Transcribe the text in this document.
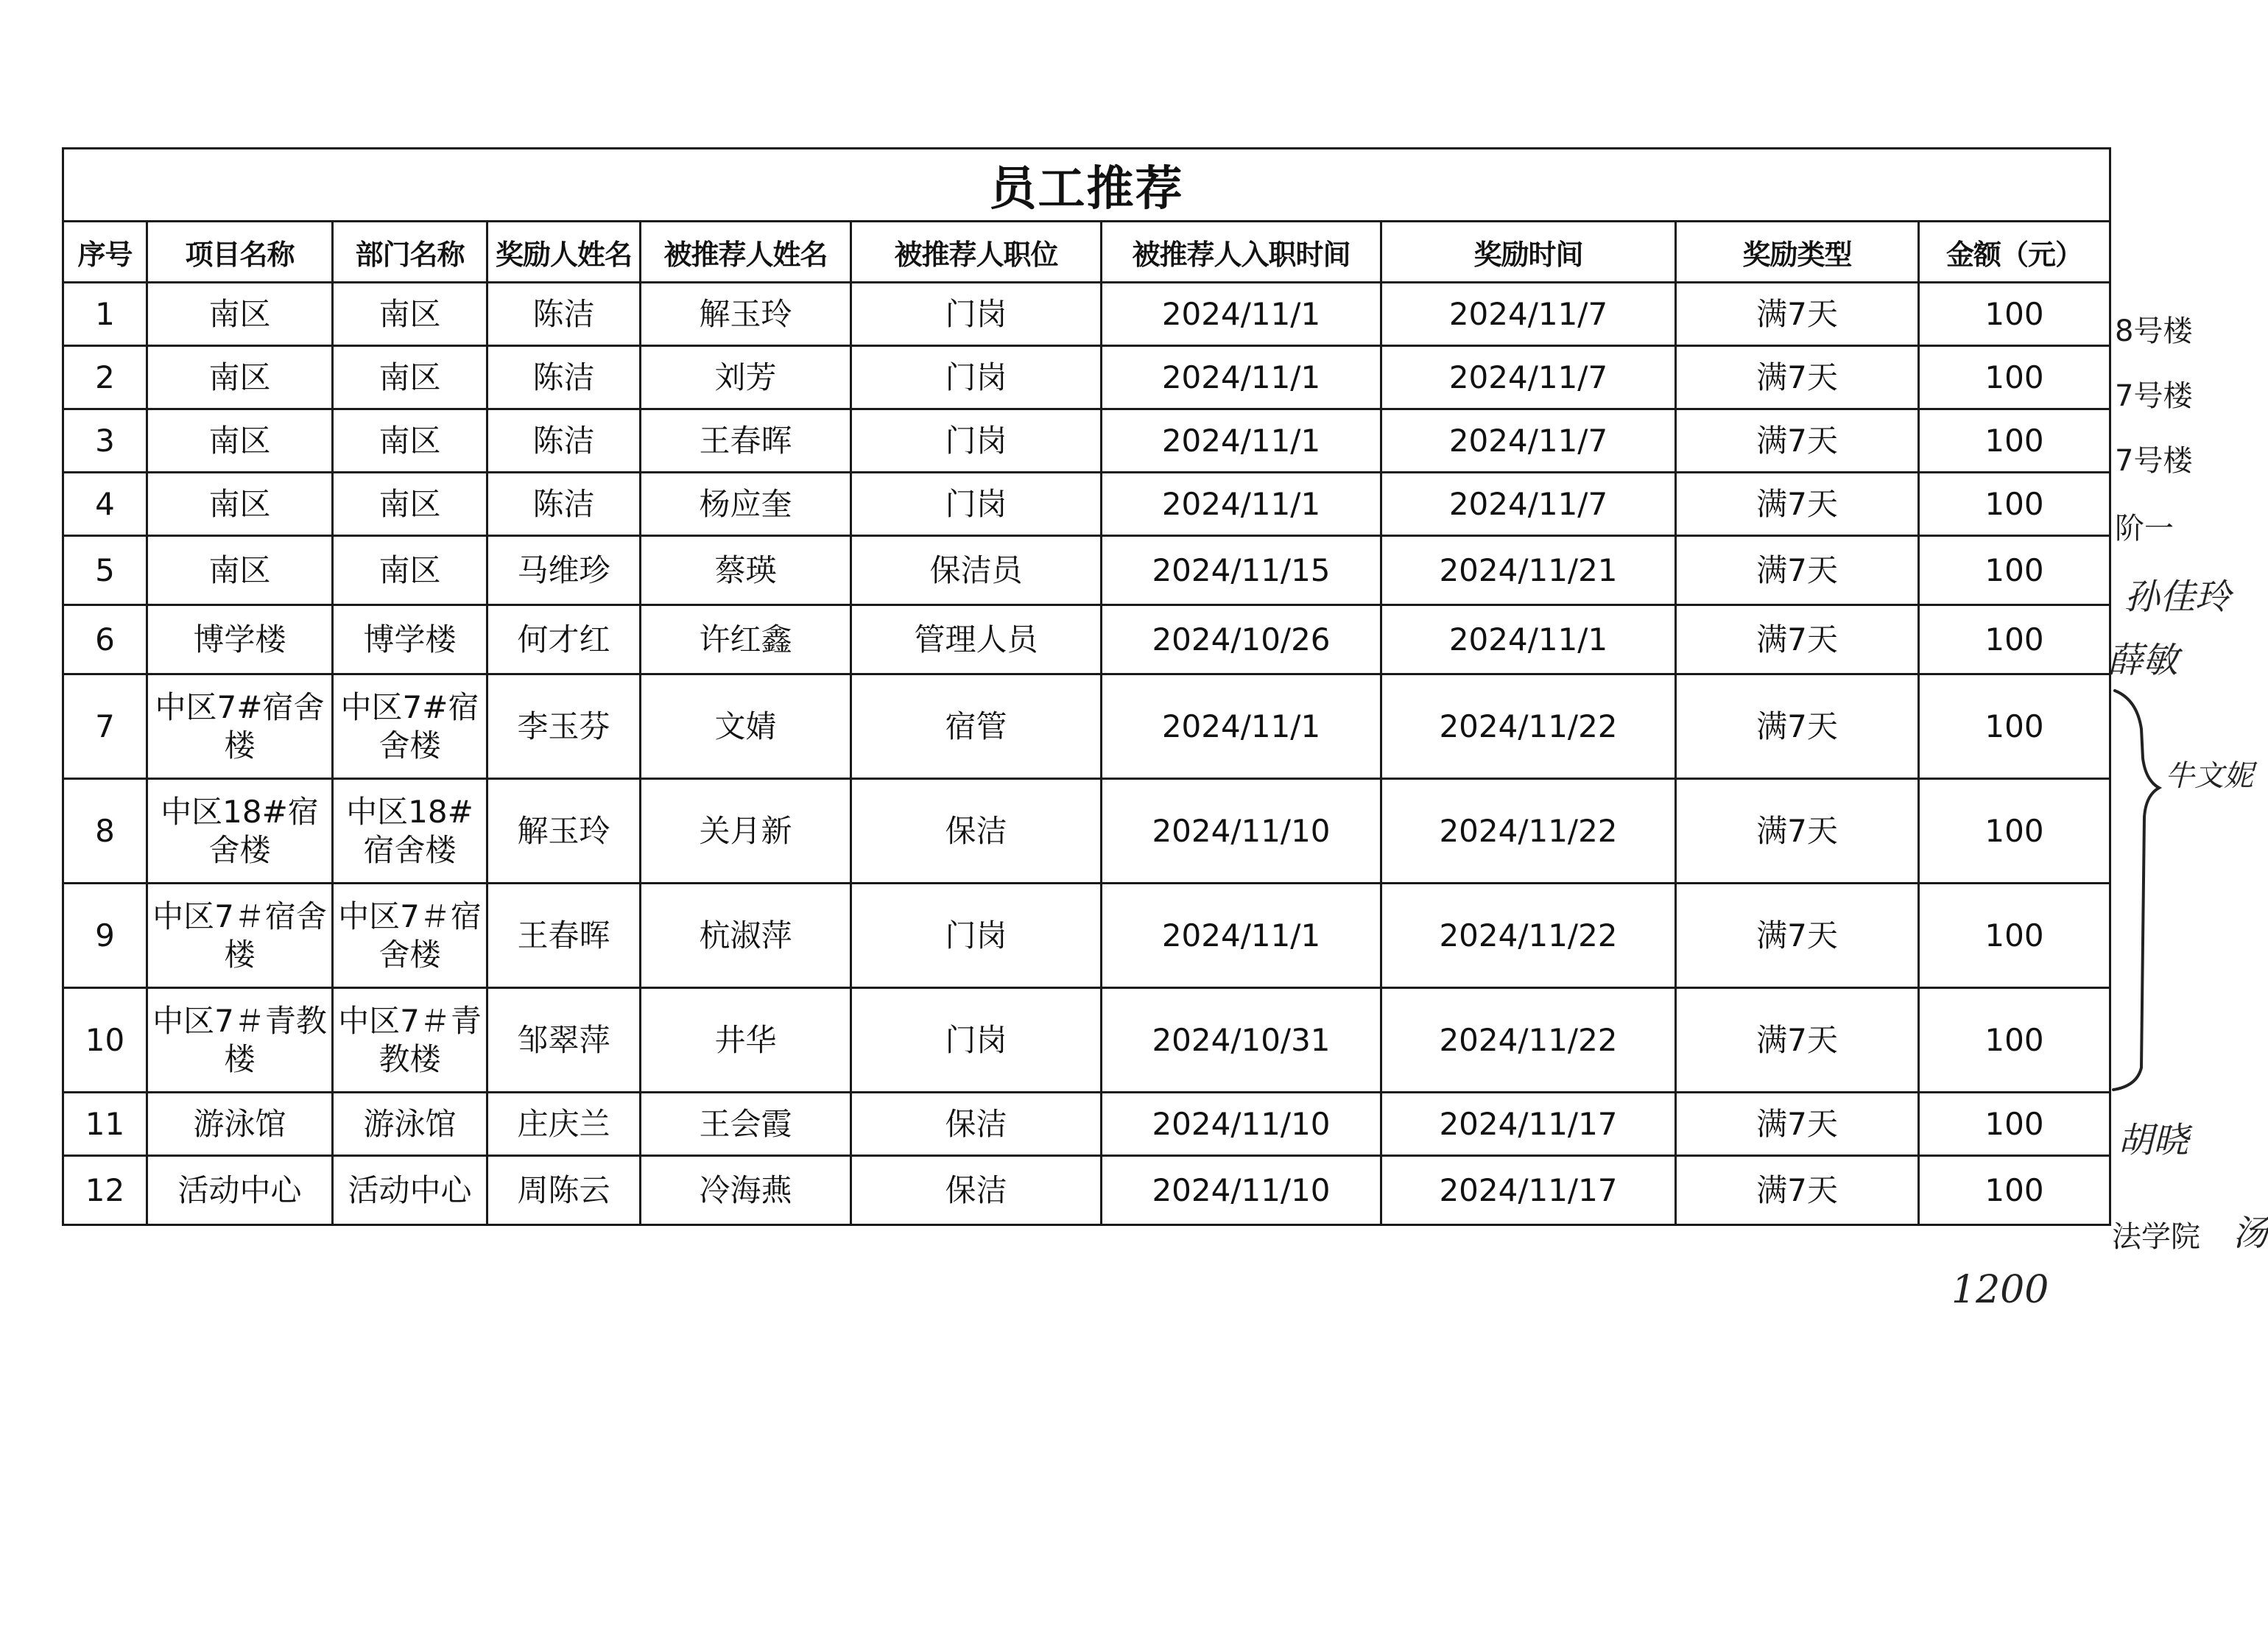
员工推荐									
序号	项目名称	部门名称	奖励人姓名	被推荐人姓名	被推荐人职位	被推荐人入职时间	奖励时间	奖励类型	金额（元）
1	南区	南区	陈洁	解玉玲	门岗	2024/11/1	2024/11/7	满7天	100
2	南区	南区	陈洁	刘芳	门岗	2024/11/1	2024/11/7	满7天	100
3	南区	南区	陈洁	王春晖	门岗	2024/11/1	2024/11/7	满7天	100
4	南区	南区	陈洁	杨应奎	门岗	2024/11/1	2024/11/7	满7天	100
5	南区	南区	马维珍	蔡瑛	保洁员	2024/11/15	2024/11/21	满7天	100
6	博学楼	博学楼	何才红	许红鑫	管理人员	2024/10/26	2024/11/1	满7天	100
7	中区7#宿舍楼	中区7#宿舍楼	李玉芬	文婧	宿管	2024/11/1	2024/11/22	满7天	100
8	中区18#宿舍楼	中区18#宿舍楼	解玉玲	关月新	保洁	2024/11/10	2024/11/22	满7天	100
9	中区7＃宿舍楼	中区7＃宿舍楼	王春晖	杭淑萍	门岗	2024/11/1	2024/11/22	满7天	100
10	中区7＃青教楼	中区7＃青教楼	邹翠萍	井华	门岗	2024/10/31	2024/11/22	满7天	100
11	游泳馆	游泳馆	庄庆兰	王会霞	保洁	2024/11/10	2024/11/17	满7天	100
12	活动中心	活动中心	周陈云	冷海燕	保洁	2024/11/10	2024/11/17	满7天	100
8号楼
7号楼
7号楼
阶一
孙佳玲
薛敏
牛文妮
胡晓
法学院 汤
1200
